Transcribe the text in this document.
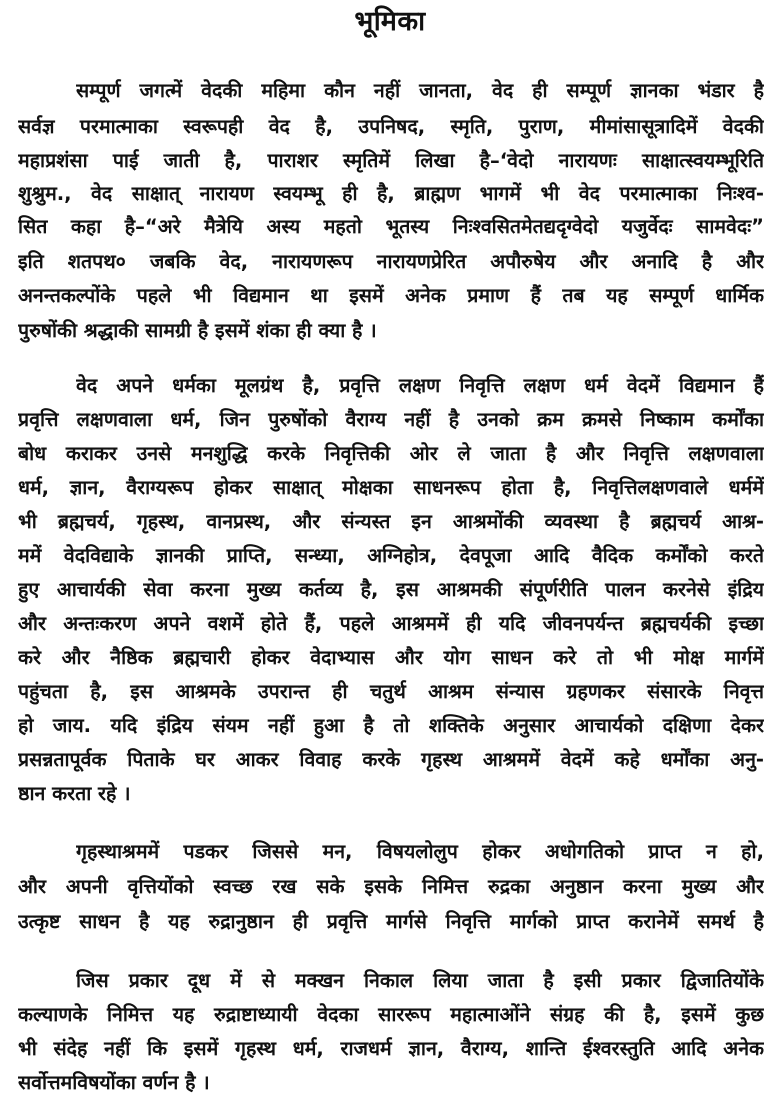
भूमिका
सम्पूर्ण जगत्में वेदकी महिमा कौन नहीं जानता, वेद ही सम्पूर्ण ज्ञानका भंडार है
सर्वज्ञ परमात्माका स्वरूपही वेद है, उपनिषद, स्मृति, पुराण, मीमांसासूत्रादिमें वेदकी
महाप्रशंसा पाई जाती है, पाराशर स्मृतिमें लिखा है–‘वेदो नारायणः साक्षात्स्वयम्भूरिति
शुश्रुम., वेद साक्षात् नारायण स्वयम्भू ही है, ब्राह्मण भागमें भी वेद परमात्माका निःश्व-
सित कहा है–“अरे मैत्रेयि अस्य महतो भूतस्य निःश्वसितमेतद्यदृग्वेदो यजुर्वेदः सामवेदः”
इति शतपथ० जबकि वेद, नारायणरूप नारायणप्रेरित अपौरुषेय और अनादि है और
अनन्तकल्पोंके पहले भी विद्यमान था इसमें अनेक प्रमाण हैं तब यह सम्पूर्ण धार्मिक
पुरुषोंकी श्रद्धाकी सामग्री है इसमें शंका ही क्या है ।
वेद अपने धर्मका मूलग्रंथ है, प्रवृत्ति लक्षण निवृत्ति लक्षण धर्म वेदमें विद्यमान हैं
प्रवृत्ति लक्षणवाला धर्म, जिन पुरुषोंको वैराग्य नहीं है उनको क्रम क्रमसे निष्काम कर्मोंका
बोध कराकर उनसे मनशुद्धि करके निवृत्तिकी ओर ले जाता है और निवृत्ति लक्षणवाला
धर्म, ज्ञान, वैराग्यरूप होकर साक्षात् मोक्षका साधनरूप होता है, निवृत्तिलक्षणवाले धर्ममें
भी ब्रह्मचर्य, गृहस्थ, वानप्रस्थ, और संन्यस्त इन आश्रमोंकी व्यवस्था है ब्रह्मचर्य आश्र-
ममें वेदविद्याके ज्ञानकी प्राप्ति, सन्ध्या, अग्निहोत्र, देवपूजा आदि वैदिक कर्मोंको करते
हुए आचार्यकी सेवा करना मुख्य कर्तव्य है, इस आश्रमकी संपूर्णरीति पालन करनेसे इंद्रिय
और अन्तःकरण अपने वशमें होते हैं, पहले आश्रममें ही यदि जीवनपर्यन्त ब्रह्मचर्यकी इच्छा
करे और नैष्ठिक ब्रह्मचारी होकर वेदाभ्यास और योग साधन करे तो भी मोक्ष मार्गमें
पहुंचता है, इस आश्रमके उपरान्त ही चतुर्थ आश्रम संन्यास ग्रहणकर संसारके निवृत्त
हो जाय. यदि इंद्रिय संयम नहीं हुआ है तो शक्तिके अनुसार आचार्यको दक्षिणा देकर
प्रसन्नतापूर्वक पिताके घर आकर विवाह करके गृहस्थ आश्रममें वेदमें कहे धर्मोंका अनु-
ष्ठान करता रहे ।
गृहस्थाश्रममें पडकर जिससे मन, विषयलोलुप होकर अधोगतिको प्राप्त न हो,
और अपनी वृत्तियोंको स्वच्छ रख सके इसके निमित्त रुद्रका अनुष्ठान करना मुख्य और
उत्कृष्ट साधन है यह रुद्रानुष्ठान ही प्रवृत्ति मार्गसे निवृत्ति मार्गको प्राप्त करानेमें समर्थ है
जिस प्रकार दूध में से मक्खन निकाल लिया जाता है इसी प्रकार द्विजातियोंके
कल्याणके निमित्त यह रुद्राष्टाध्यायी वेदका साररूप महात्माओंने संग्रह की है, इसमें कुछ
भी संदेह नहीं कि इसमें गृहस्थ धर्म, राजधर्म ज्ञान, वैराग्य, शान्ति ईश्वरस्तुति आदि अनेक
सर्वोत्तमविषयोंका वर्णन है ।
